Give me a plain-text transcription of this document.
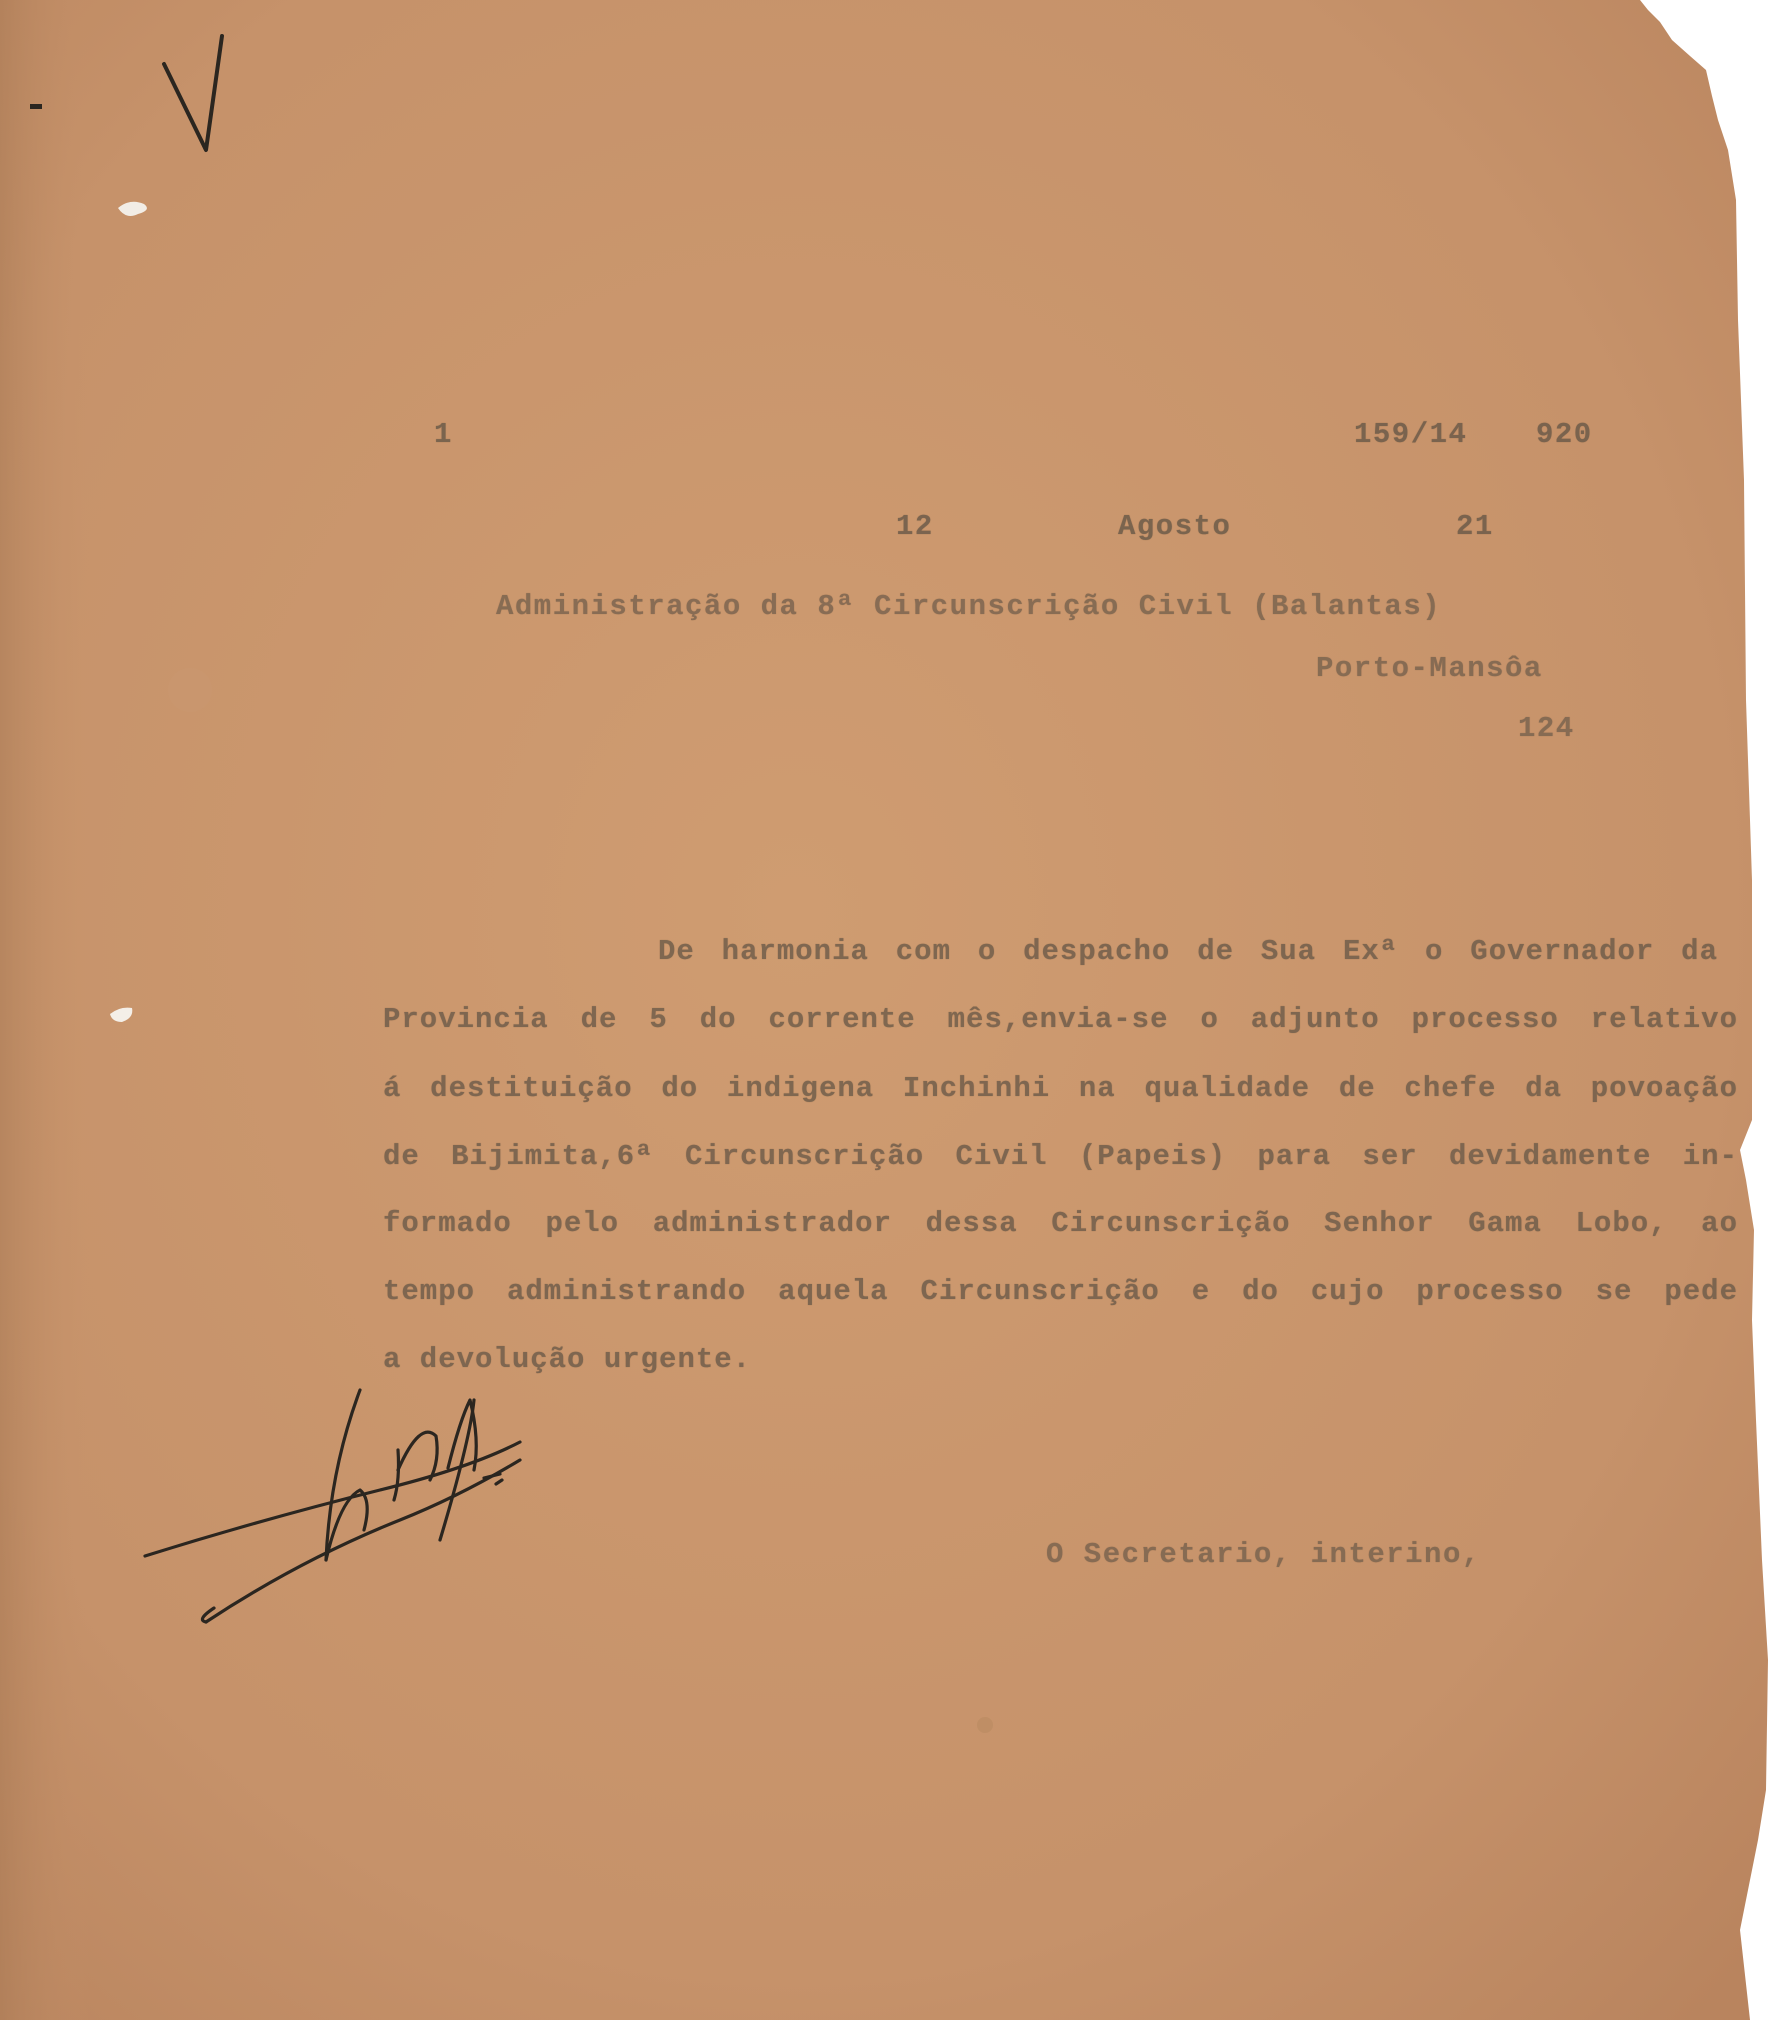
1	159/14 920
12	Agosto	21
Administração da 8ª Circunscrição Civil (Balantas)
Porto-Mansôa
124
De harmonia com o despacho de Sua Exª o Governador da
Provincia de 5 do corrente mês,envia-se o adjunto processo relativo
á destituição do indigena Inchinhi na qualidade de chefe da povoação
de Bijimita,6ª Circunscrição Civil (Papeis) para ser devidamente in-
formado pelo administrador dessa Circunscrição Senhor Gama Lobo, ao
tempo administrando aquela Circunscrição e do cujo processo se pede
a devolução urgente.
O Secretario, interino,
